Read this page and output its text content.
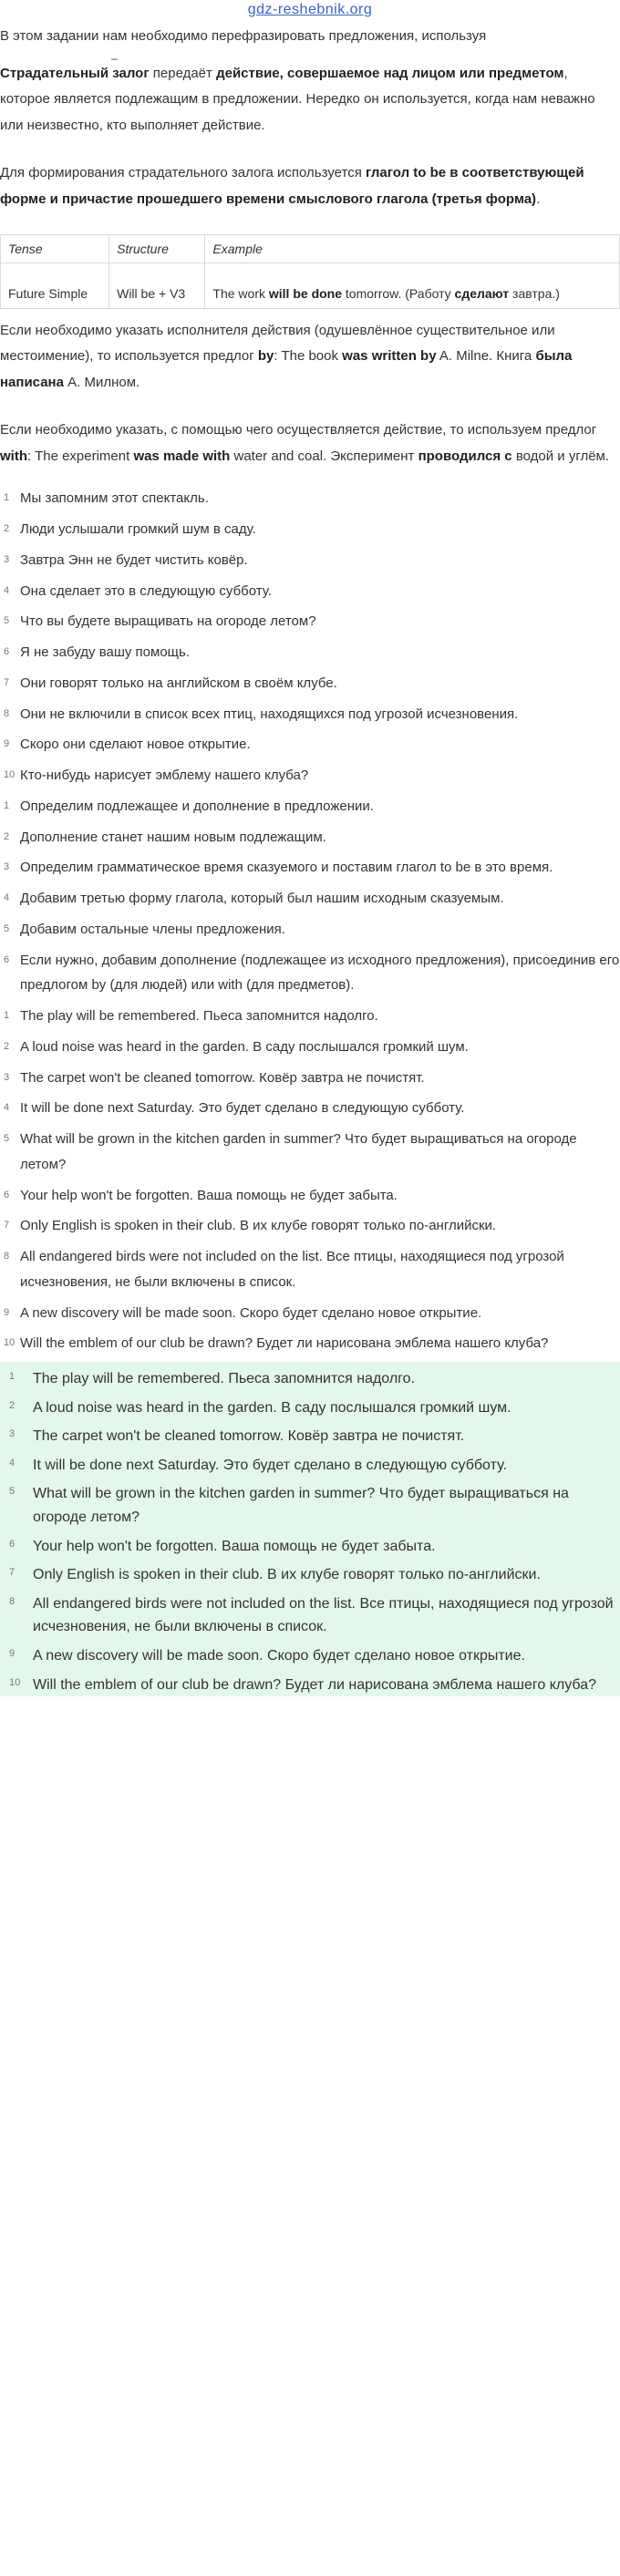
gdz-reshebnik.org

В этом задании нам необходимо перефразировать предложения, используя

–

Страдательный залог передаёт действие, совершаемое над лицом или предметом, которое является подлежащим в предложении. Нередко он используется, когда нам неважно или неизвестно, кто выполняет действие.

Для формирования страдательного залога используется глагол to be в соответствующей форме и причастие прошедшего времени смыслового глагола (третья форма).

Tense	Structure	Example
Future Simple	Will be + V3	The work will be done tomorrow. (Работу сделают завтра.)

Если необходимо указать исполнителя действия (одушевлённое существительное или местоимение), то используется предлог by: The book was written by A. Milne. Книга была написана А. Милном.

Если необходимо указать, с помощью чего осуществляется действие, то используем предлог with: The experiment was made with water and coal. Эксперимент проводился с водой и углём.

1 Мы запомним этот спектакль.
2 Люди услышали громкий шум в саду.
3 Завтра Энн не будет чистить ковёр.
4 Она сделает это в следующую субботу.
5 Что вы будете выращивать на огороде летом?
6 Я не забуду вашу помощь.
7 Они говорят только на английском в своём клубе.
8 Они не включили в список всех птиц, находящихся под угрозой исчезновения.
9 Скоро они сделают новое открытие.
10 Кто-нибудь нарисует эмблему нашего клуба?
1 Определим подлежащее и дополнение в предложении.
2 Дополнение станет нашим новым подлежащим.
3 Определим грамматическое время сказуемого и поставим глагол to be в это время.
4 Добавим третью форму глагола, который был нашим исходным сказуемым.
5 Добавим остальные члены предложения.
6 Если нужно, добавим дополнение (подлежащее из исходного предложения), присоединив его предлогом by (для людей) или with (для предметов).
1 The play will be remembered. Пьеса запомнится надолго.
2 A loud noise was heard in the garden. В саду послышался громкий шум.
3 The carpet won't be cleaned tomorrow. Ковёр завтра не почистят.
4 It will be done next Saturday. Это будет сделано в следующую субботу.
5 What will be grown in the kitchen garden in summer? Что будет выращиваться на огороде летом?
6 Your help won't be forgotten. Ваша помощь не будет забыта.
7 Only English is spoken in their club. В их клубе говорят только по-английски.
8 All endangered birds were not included on the list. Все птицы, находящиеся под угрозой исчезновения, не были включены в список.
9 A new discovery will be made soon. Скоро будет сделано новое открытие.
10 Will the emblem of our club be drawn? Будет ли нарисована эмблема нашего клуба?
1 The play will be remembered. Пьеса запомнится надолго.
2 A loud noise was heard in the garden. В саду послышался громкий шум.
3 The carpet won't be cleaned tomorrow. Ковёр завтра не почистят.
4 It will be done next Saturday. Это будет сделано в следующую субботу.
5 What will be grown in the kitchen garden in summer? Что будет выращиваться на огороде летом?
6 Your help won't be forgotten. Ваша помощь не будет забыта.
7 Only English is spoken in their club. В их клубе говорят только по-английски.
8 All endangered birds were not included on the list. Все птицы, находящиеся под угрозой исчезновения, не были включены в список.
9 A new discovery will be made soon. Скоро будет сделано новое открытие.
10 Will the emblem of our club be drawn? Будет ли нарисована эмблема нашего клуба?
